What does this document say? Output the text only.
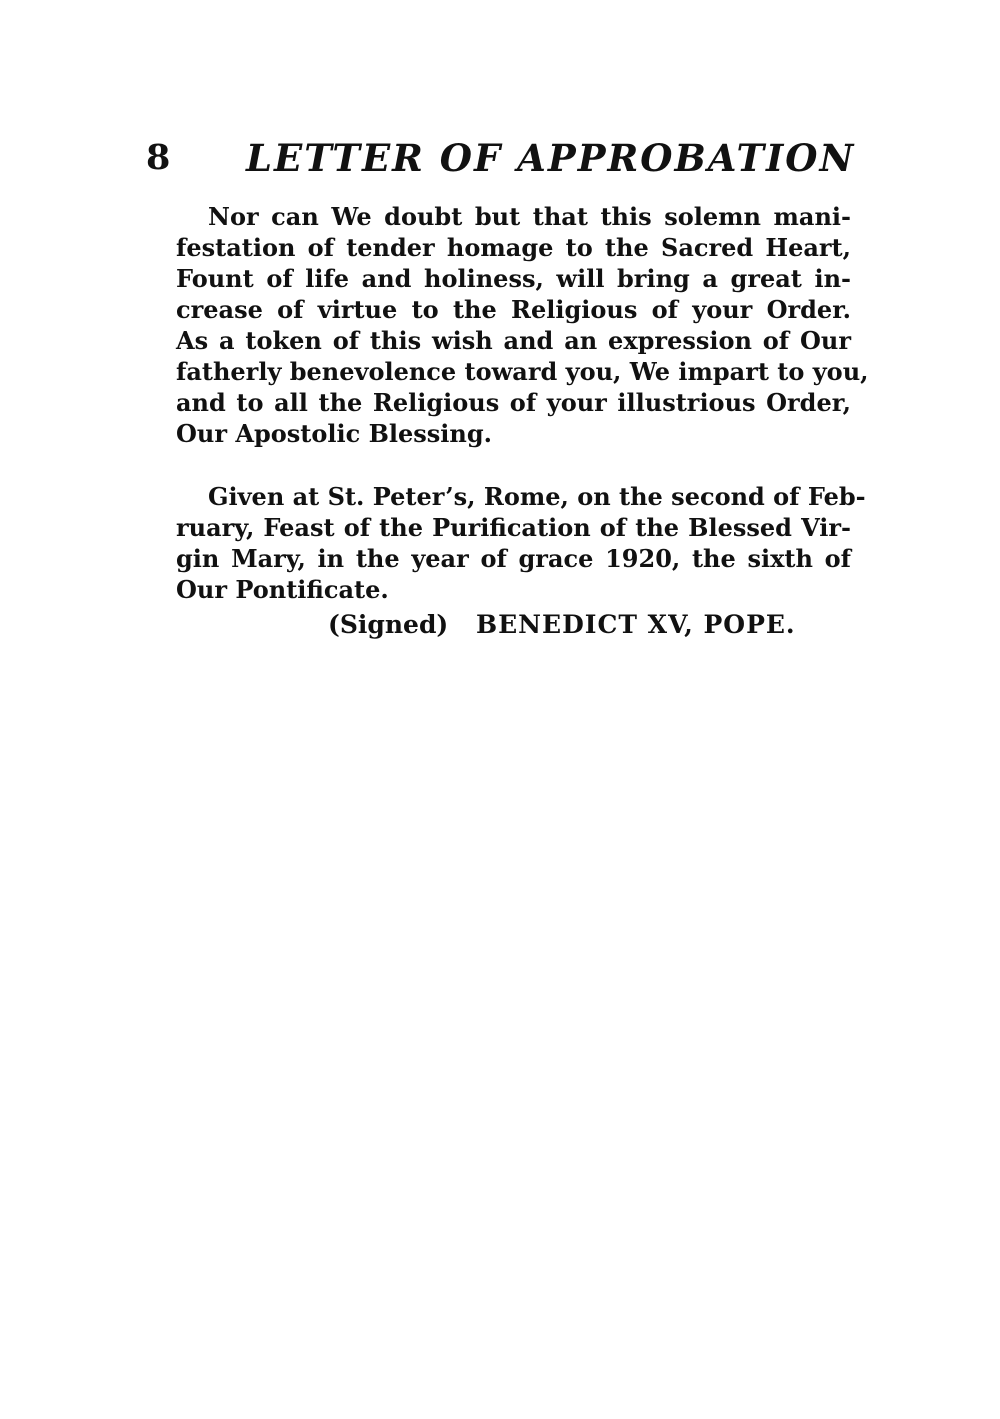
8 LETTER OF APPROBATION
Nor can We doubt but that this solemn mani-
festation of tender homage to the Sacred Heart,
Fount of life and holiness, will bring a great in-
crease of virtue to the Religious of your Order.
As a token of this wish and an expression of Our
fatherly benevolence toward you, We impart to you,
and to all the Religious of your illustrious Order,
Our Apostolic Blessing.
Given at St. Peter’s, Rome, on the second of Feb-
ruary, Feast of the Purification of the Blessed Vir-
gin Mary, in the year of grace 1920, the sixth of
Our Pontificate.
(Signed) BENEDICT XV, POPE.
